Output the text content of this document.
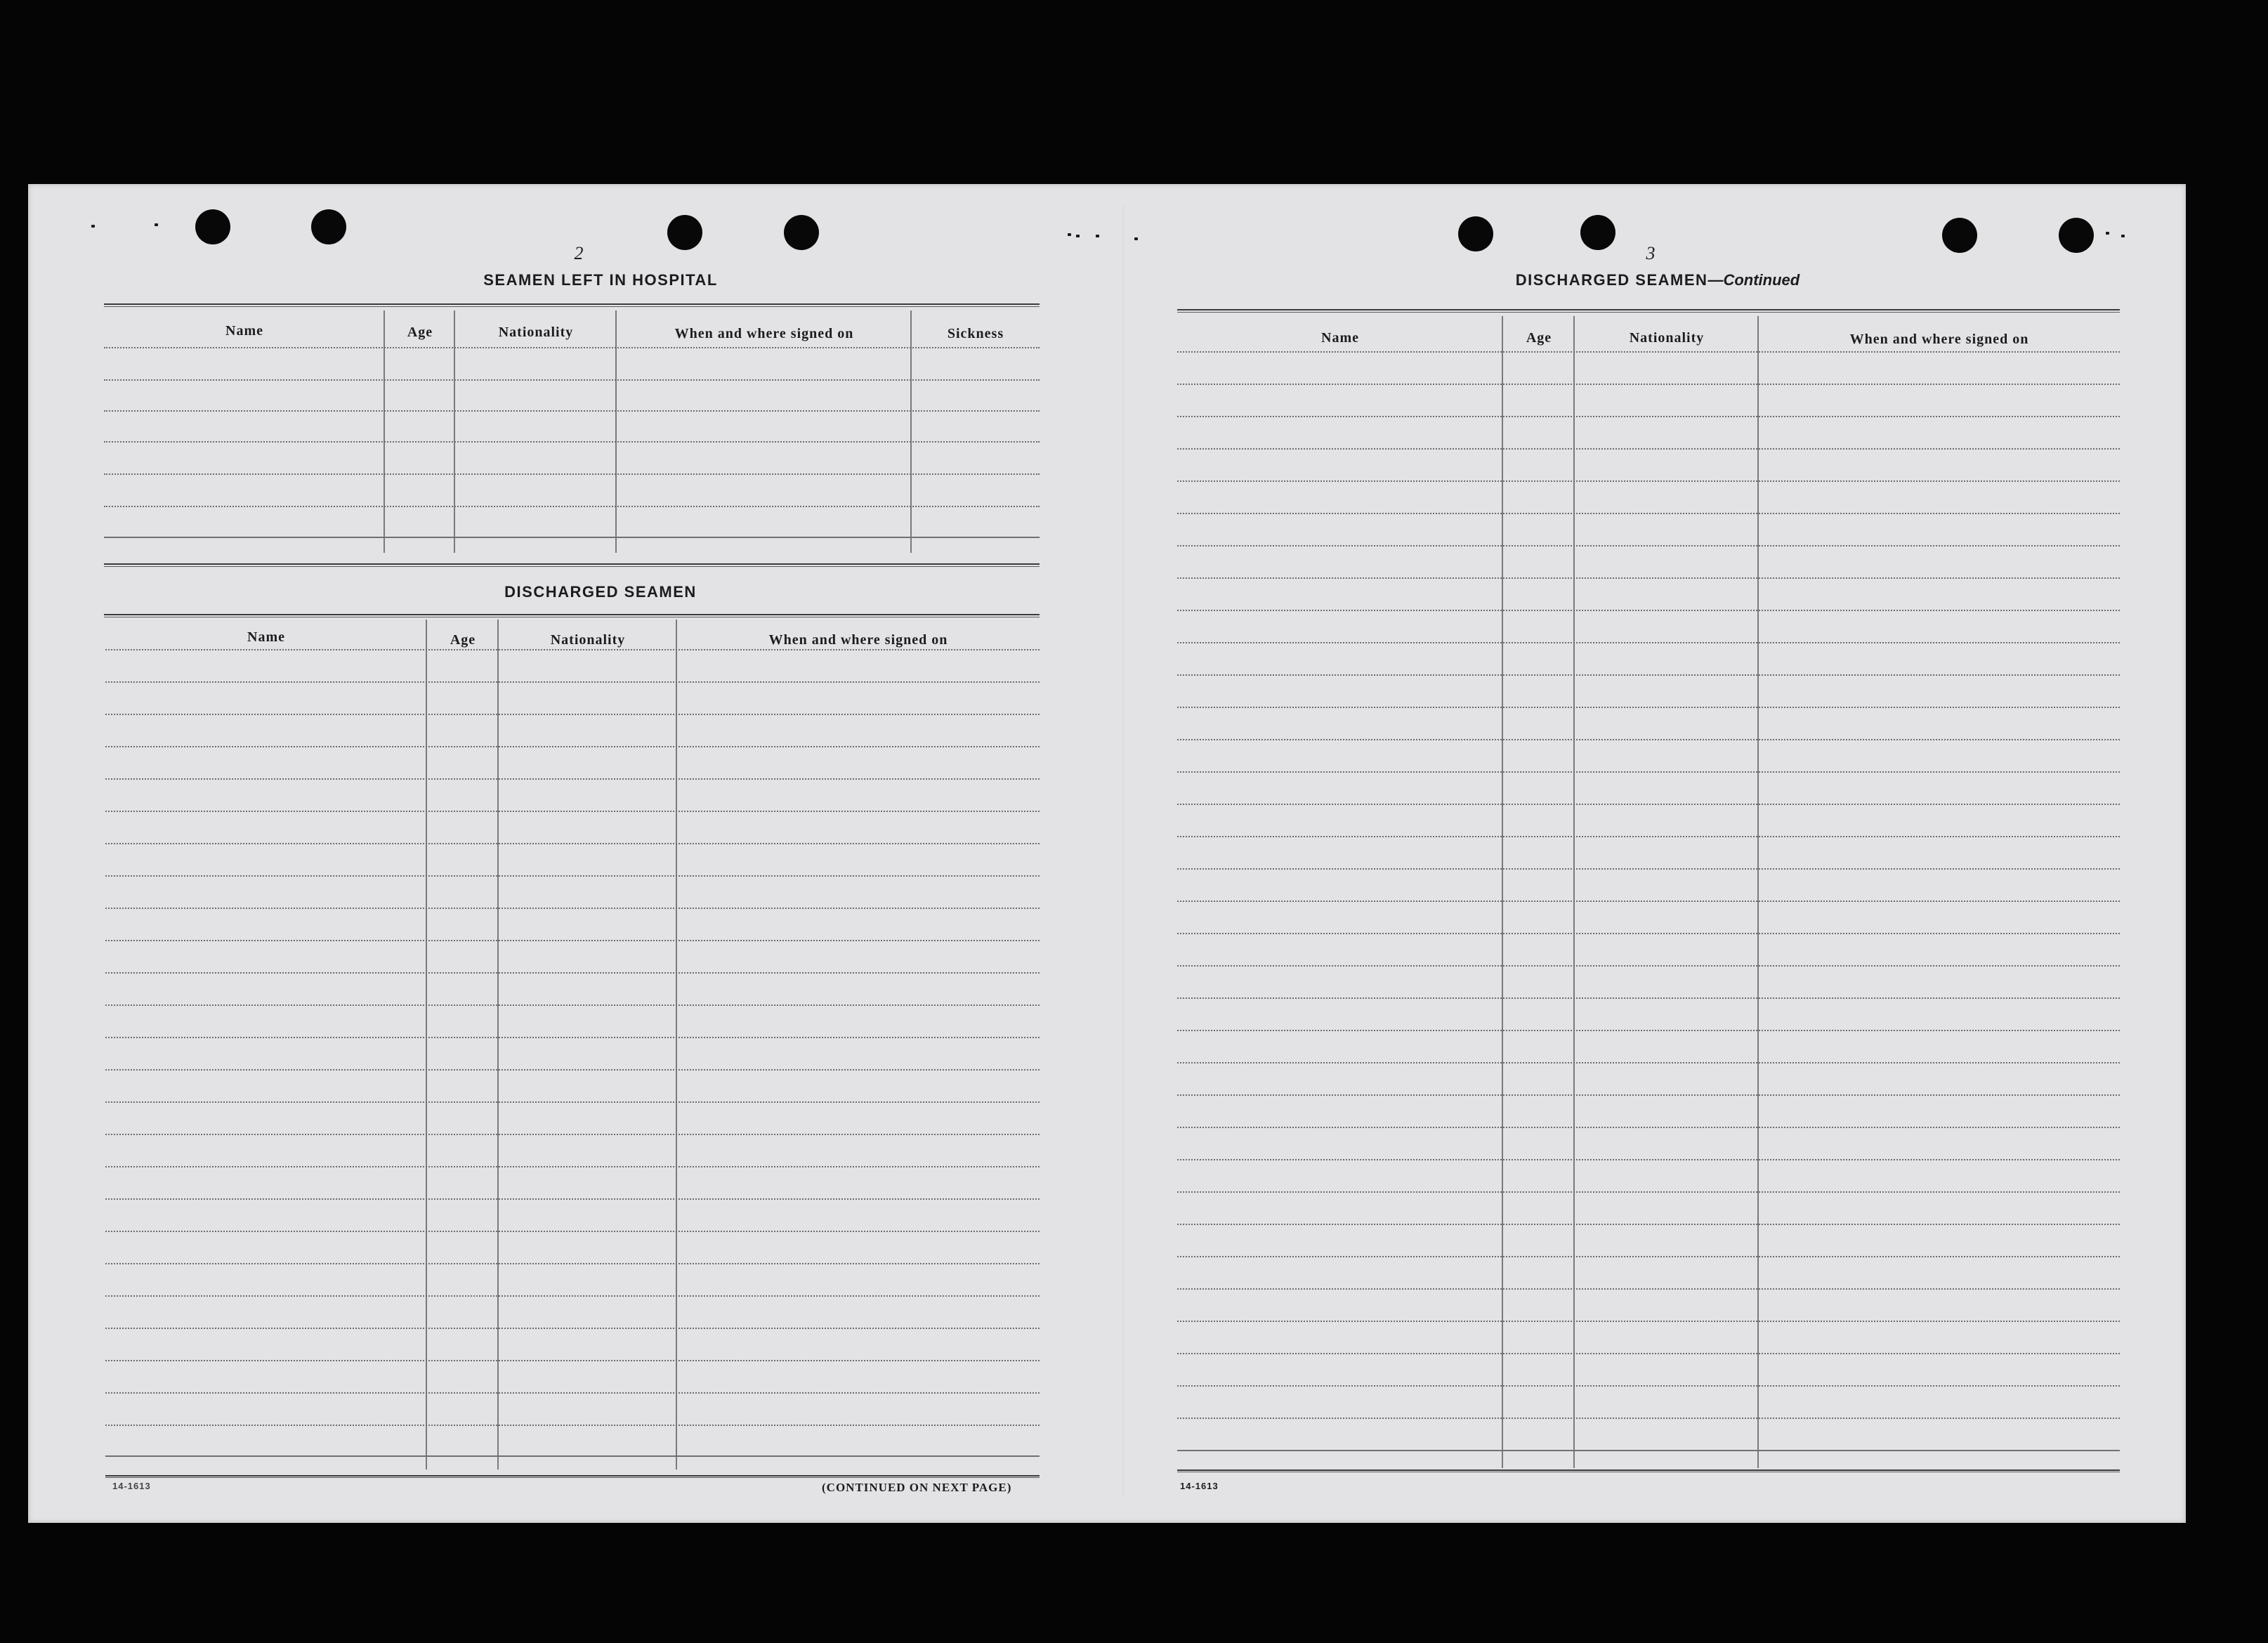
2
SEAMEN LEFT IN HOSPITAL
Name	Age	Nationality	When and where signed on	Sickness
DISCHARGED SEAMEN
Name	Age	Nationality	When and where signed on
14-1613	(CONTINUED ON NEXT PAGE)
3
DISCHARGED SEAMEN—Continued
Name	Age	Nationality	When and where signed on
14-1613
